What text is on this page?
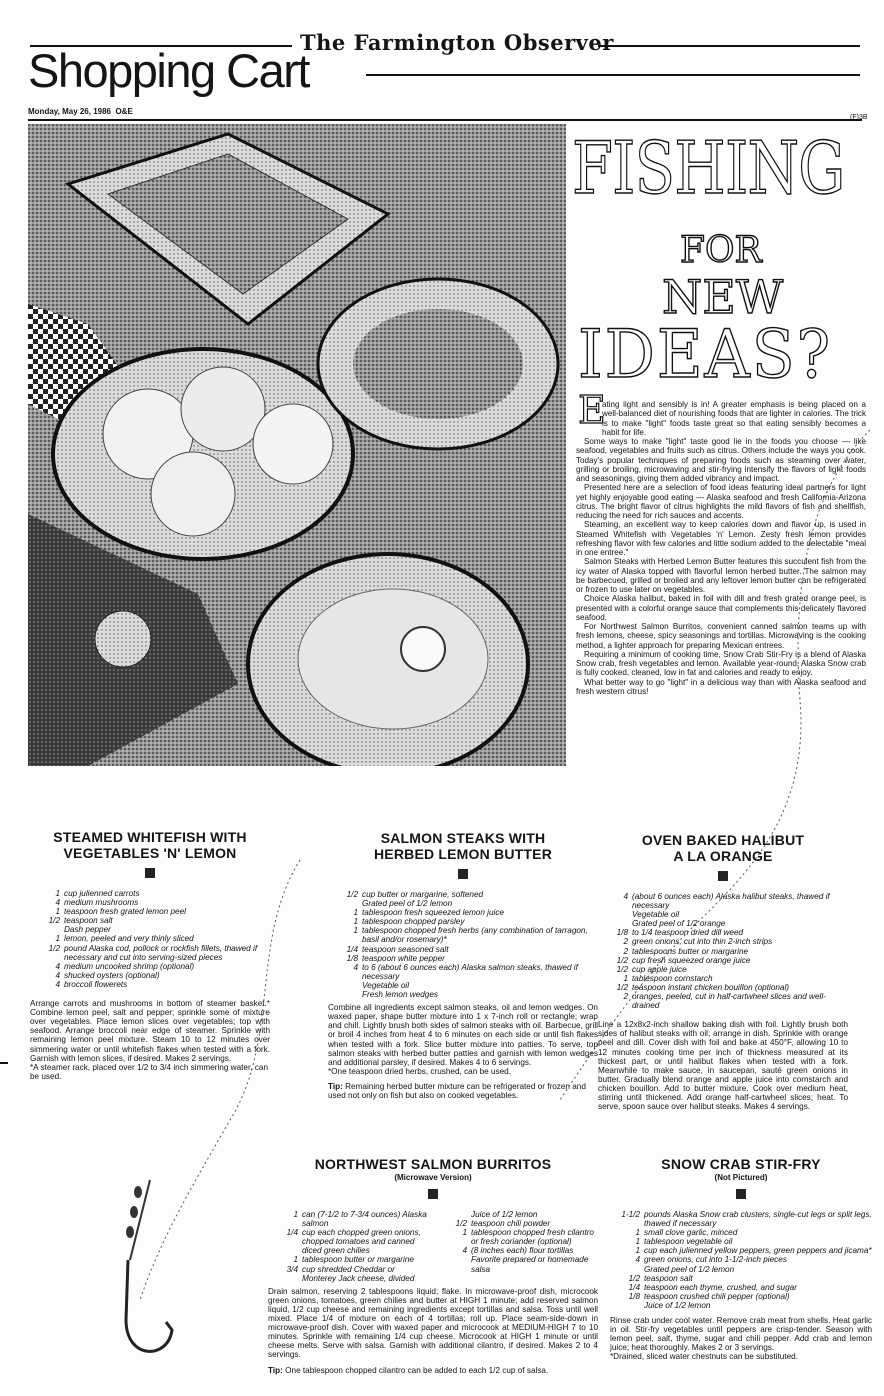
The Farmington Observer
Shopping Cart
Monday, May 26, 1986 O&E
(F)3B
FISHING
FOR
NEW
IDEAS?
E

ating light and sensibly is in! A greater emphasis is being placed on a well-balanced diet of nourishing foods that are lighter in calories. The trick is to make "light" foods taste great so that eating sensibly becomes a habit for life.

Some ways to make "light" taste good lie in the foods you choose — like seafood, vegetables and fruits such as citrus. Others include the ways you cook. Today's popular techniques of preparing foods such as steaming over water, grilling or broiling, microwaving and stir-frying intensify the flavors of light foods and seasonings, giving them added vibrancy and impact.

Presented here are a selection of food ideas featuring ideal partners for light yet highly enjoyable good eating — Alaska seafood and fresh California-Arizona citrus. The bright flavor of citrus highlights the mild flavors of fish and shellfish, reducing the need for rich sauces and accents.

Steaming, an excellent way to keep calories down and flavor up, is used in Steamed Whitefish with Vegetables 'n' Lemon. Zesty fresh lemon provides refreshing flavor with few calories and little sodium added to the delectable "meal in one entree."

Salmon Steaks with Herbed Lemon Butter features this succulent fish from the icy water of Alaska topped with flavorful lemon herbed butter. The salmon may be barbecued, grilled or broiled and any leftover lemon butter can be refrigerated or frozen to use later on vegetables.

Choice Alaska halibut, baked in foil with dill and fresh grated orange peel, is presented with a colorful orange sauce that complements this delicately flavored seafood.

For Northwest Salmon Burritos, convenient canned salmon teams up with fresh lemons, cheese, spicy seasonings and tortillas. Microwaving is the cooking method, a lighter approach for preparing Mexican entrees.

Requiring a minimum of cooking time, Snow Crab Stir-Fry is a blend of Alaska Snow crab, fresh vegetables and lemon. Available year-round, Alaska Snow crab is fully cooked, cleaned, low in fat and calories and ready to enjoy.

What better way to go "light" in a delicious way than with Alaska seafood and fresh western citrus!

STEAMED WHITEFISH WITH
VEGETABLES 'N' LEMON
1 cup julienned carrots
4 medium mushrooms
1 teaspoon fresh grated lemon peel
1/2 teaspoon salt
Dash pepper
1 lemon, peeled and very thinly sliced
1/2 pound Alaska cod, pollock or rockfish fillets, thawed if necessary and cut into serving-sized pieces
4 medium uncooked shrimp (optional)
4 shucked oysters (optional)
4 broccoli flowerets

Arrange carrots and mushrooms in bottom of steamer basket.* Combine lemon peel, salt and pepper; sprinkle some of mixture over vegetables. Place lemon slices over vegetables; top with seafood. Arrange broccoli near edge of steamer. Sprinkle with remaining lemon peel mixture. Steam 10 to 12 minutes over simmering water or until whitefish flakes when tested with a fork. Garnish with lemon slices, if desired. Makes 2 servings.

*A steamer rack, placed over 1/2 to 3/4 inch simmering water, can be used.

SALMON STEAKS WITH
HERBED LEMON BUTTER
1/2 cup butter or margarine, softened
Grated peel of 1/2 lemon
1 tablespoon fresh squeezed lemon juice
1 tablespoon chopped parsley
1 tablespoon chopped fresh herbs (any combination of tarragon, basil and/or rosemary)*
1/4 teaspoon seasoned salt
1/8 teaspoon white pepper
4 to 6 (about 6 ounces each) Alaska salmon steaks, thawed if necessary
Vegetable oil
Fresh lemon wedges

Combine all ingredients except salmon steaks, oil and lemon wedges. On waxed paper, shape butter mixture into 1 x 7-inch roll or rectangle; wrap and chill. Lightly brush both sides of salmon steaks with oil. Barbecue, grill or broil 4 inches from heat 4 to 6 minutes on each side or until fish flakes when tested with a fork. Slice butter mixture into patties. To serve, top salmon steaks with herbed butter patties and garnish with lemon wedges and additional parsley, if desired. Makes 4 to 6 servings.

*One teaspoon dried herbs, crushed, can be used.

Tip: Remaining herbed butter mixture can be refrigerated or frozen and used not only on fish but also on cooked vegetables.

OVEN BAKED HALIBUT
A LA ORANGE
4 (about 6 ounces each) Alaska halibut steaks, thawed if necessary
Vegetable oil
Grated peel of 1/2 orange
1/8 to 1/4 teaspoon dried dill weed
2 green onions, cut into thin 2-inch strips
2 tablespoons butter or margarine
1/2 cup fresh squeezed orange juice
1/2 cup apple juice
1 tablespoon cornstarch
1/2 teaspoon instant chicken bouillon (optional)
2 oranges, peeled, cut in half-cartwheel slices and well-drained

Line a 12x8x2-inch shallow baking dish with foil. Lightly brush both sides of halibut steaks with oil; arrange in dish. Sprinkle with orange peel and dill. Cover dish with foil and bake at 450°F, allowing 10 to 12 minutes cooking time per inch of thickness measured at its thickest part, or until halibut flakes when tested with a fork. Meanwhile to make sauce, in saucepan, sauté green onions in butter. Gradually blend orange and apple juice into cornstarch and chicken bouillon. Add to butter mixture. Cook over medium heat, stirring until thickened. Add orange half-cartwheel slices; heat. To serve, spoon sauce over halibut steaks. Makes 4 servings.

NORTHWEST SALMON BURRITOS
(Microwave Version)
1 can (7-1/2 to 7-3/4 ounces) Alaska salmon
1/4 cup each chopped green onions, chopped tomatoes and canned diced green chilies
1 tablespoon butter or margarine
3/4 cup shredded Cheddar or Monterey Jack cheese, divided
Juice of 1/2 lemon
1/2 teaspoon chili powder
1 tablespoon chopped fresh cilantro or fresh coriander (optional)
4 (8 inches each) flour tortillas
Favorite prepared or homemade salsa

Drain salmon, reserving 2 tablespoons liquid; flake. In microwave-proof dish, microcook green onions, tomatoes, green chilies and butter at HIGH 1 minute; add reserved salmon liquid, 1/2 cup cheese and remaining ingredients except tortillas and salsa. Toss until well mixed. Place 1/4 of mixture on each of 4 tortillas; roll up. Place seam-side-down in microwave-proof dish. Cover with waxed paper and microcook at MEDIUM-HIGH 7 to 10 minutes. Sprinkle with remaining 1/4 cup cheese. Microcook at HIGH 1 minute or until cheese melts. Serve with salsa. Garnish with additional cilantro, if desired. Makes 2 to 4 servings.

Tip: One tablespoon chopped cilantro can be added to each 1/2 cup of salsa.

SNOW CRAB STIR-FRY
(Not Pictured)
1-1/2 pounds Alaska Snow crab clusters, single-cut legs or split legs, thawed if necessary
1 small clove garlic, minced
1 tablespoon vegetable oil
1 cup each julienned yellow peppers, green peppers and jicama*
4 green onions, cut into 1-1/2-inch pieces
Grated peel of 1/2 lemon
1/2 teaspoon salt
1/4 teaspoon each thyme, crushed, and sugar
1/8 teaspoon crushed chili pepper (optional)
Juice of 1/2 lemon

Rinse crab under cool water. Remove crab meat from shells. Heat garlic in oil. Stir-fry vegetables until peppers are crisp-tender. Season with lemon peel, salt, thyme, sugar and chili pepper. Add crab and lemon juice; heat thoroughly. Makes 2 or 3 servings.

*Drained, sliced water chestnuts can be substituted.
